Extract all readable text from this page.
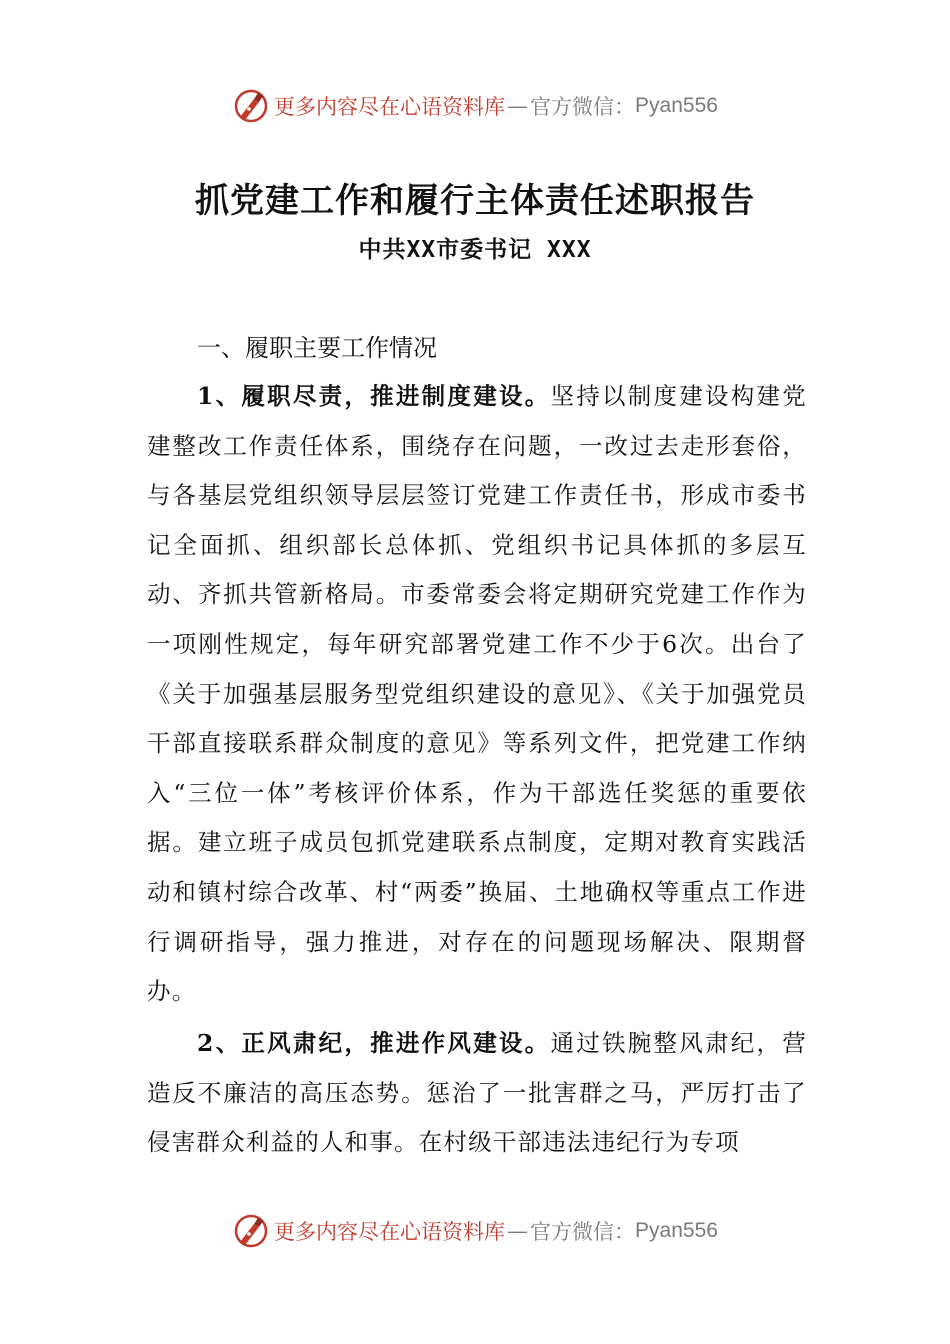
更多内容尽在心语资料库 — 官方微信： Pyan556
抓党建工作和履行主体责任述职报告
中共XX市委书记 XXX
一、履职主要工作情况

1、履职尽责，推进制度建设。坚持以制度建设构建党建整改工作责任体系，围绕存在问题，一改过去走形套俗，与各基层党组织领导层层签订党建工作责任书，形成市委书记全面抓、组织部长总体抓、党组织书记具体抓的多层互动、齐抓共管新格局。市委常委会将定期研究党建工作作为一项刚性规定，每年研究部署党建工作不少于6次。出台了《关于加强基层服务型党组织建设的意见》、《关于加强党员干部直接联系群众制度的意见》等系列文件，把党建工作纳入“三位一体”考核评价体系，作为干部选任奖惩的重要依据。建立班子成员包抓党建联系点制度，定期对教育实践活动和镇村综合改革、村“两委”换届、土地确权等重点工作进行调研指导，强力推进，对存在的问题现场解决、限期督办。

2、正风肃纪，推进作风建设。通过铁腕整风肃纪，营造反不廉洁的高压态势。惩治了一批害群之马，严厉打击了侵害群众利益的人和事。在村级干部违法违纪行为专项

更多内容尽在心语资料库 — 官方微信： Pyan556
